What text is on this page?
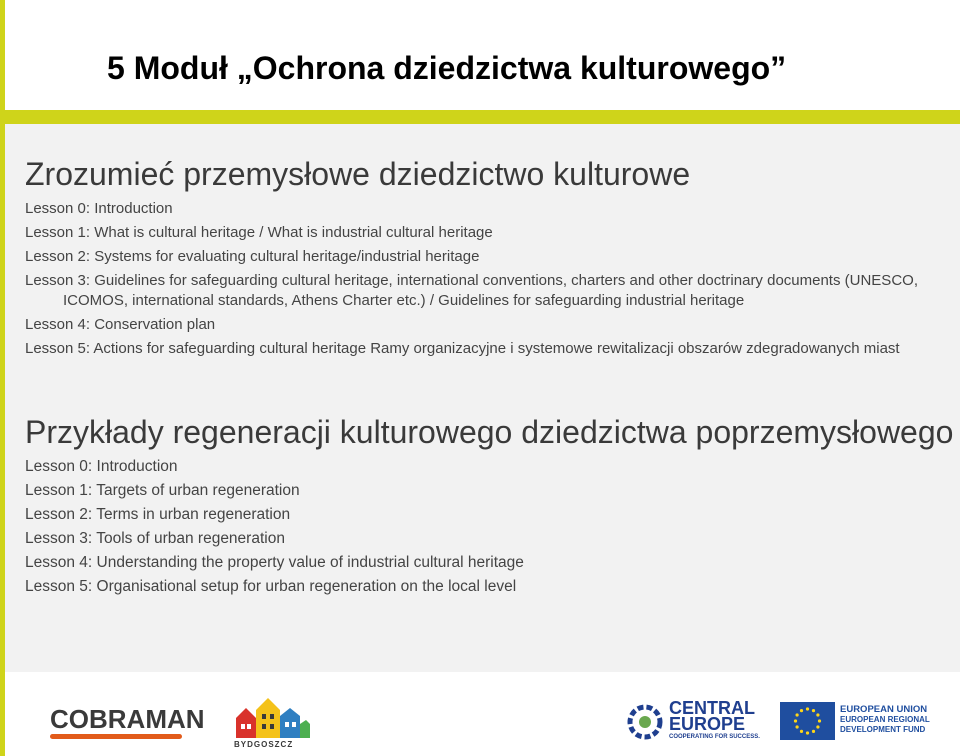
5 Moduł „Ochrona dziedzictwa kulturowego”
Zrozumieć przemysłowe dziedzictwo kulturowe
Lesson 0: Introduction
Lesson 1: What is cultural heritage / What is industrial cultural heritage
Lesson 2: Systems for evaluating cultural heritage/industrial heritage
Lesson 3: Guidelines for safeguarding cultural heritage, international conventions, charters and other doctrinary documents (UNESCO, ICOMOS, international standards, Athens Charter etc.) / Guidelines for safeguarding industrial heritage
Lesson 4: Conservation plan
Lesson 5: Actions for safeguarding cultural heritage Ramy organizacyjne i systemowe rewitalizacji obszarów zdegradowanych miast
Przykłady regeneracji kulturowego dziedzictwa poprzemysłowego
Lesson 0: Introduction
Lesson 1: Targets of urban regeneration
Lesson 2: Terms in urban regeneration
Lesson 3: Tools of urban regeneration
Lesson 4: Understanding the property value of industrial cultural heritage
Lesson 5: Organisational setup for urban regeneration on the local level
COBRAMAN
BYDGOSZCZ
CENTRAL
EUROPE
COOPERATING FOR SUCCESS.
EUROPEAN UNION
EUROPEAN REGIONAL
DEVELOPMENT FUND
